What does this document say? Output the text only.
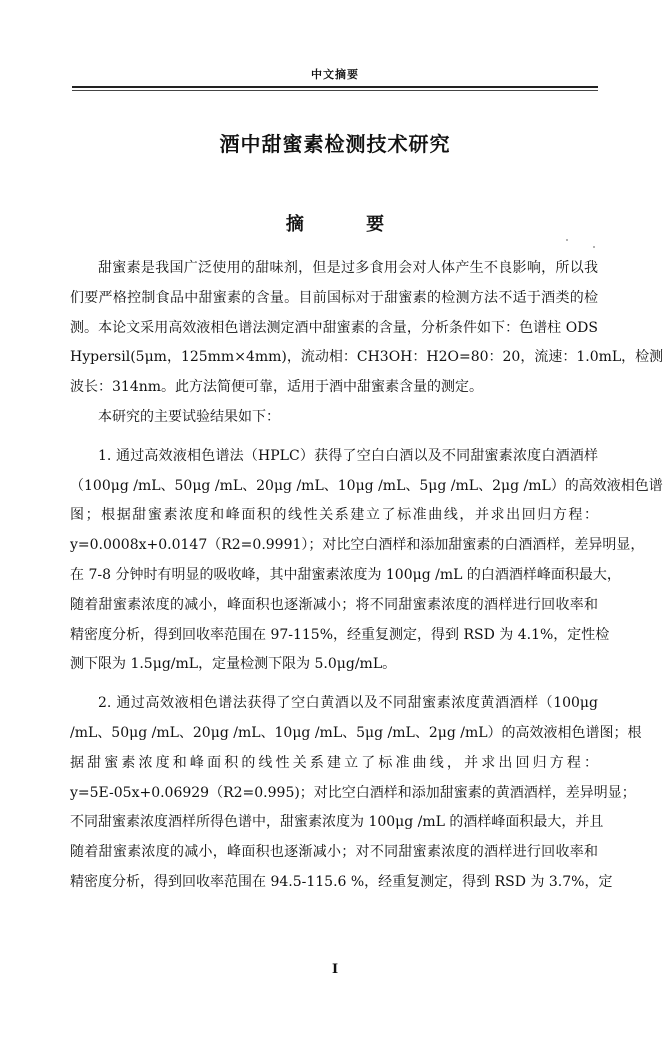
中文摘要
酒中甜蜜素检测技术研究
摘 要
甜蜜素是我国广泛使用的甜味剂，但是过多食用会对人体产生不良影响，所以我
们要严格控制食品中甜蜜素的含量。目前国标对于甜蜜素的检测方法不适于酒类的检
测。本论文采用高效液相色谱法测定酒中甜蜜素的含量，分析条件如下：色谱柱 ODS
Hypersil(5μm，125mm×4mm)，流动相：CH3OH：H2O=80：20，流速：1.0mL，检测
波长：314nm。此方法简便可靠，适用于酒中甜蜜素含量的测定。
本研究的主要试验结果如下：
1. 通过高效液相色谱法（HPLC）获得了空白白酒以及不同甜蜜素浓度白酒酒样
（100μg /mL、50μg /mL、20μg /mL、10μg /mL、5μg /mL、2μg /mL）的高效液相色谱
图；根据甜蜜素浓度和峰面积的线性关系建立了标准曲线，并求出回归方程：
y=0.0008x+0.0147（R2=0.9991）；对比空白酒样和添加甜蜜素的白酒酒样，差异明显，
在 7-8 分钟时有明显的吸收峰，其中甜蜜素浓度为 100μg /mL 的白酒酒样峰面积最大，
随着甜蜜素浓度的减小，峰面积也逐渐减小；将不同甜蜜素浓度的酒样进行回收率和
精密度分析，得到回收率范围在 97-115%，经重复测定，得到 RSD 为 4.1%，定性检
测下限为 1.5μg/mL，定量检测下限为 5.0μg/mL。
2. 通过高效液相色谱法获得了空白黄酒以及不同甜蜜素浓度黄酒酒样（100μg
/mL、50μg /mL、20μg /mL、10μg /mL、5μg /mL、2μg /mL）的高效液相色谱图；根
据甜蜜素浓度和峰面积的线性关系建立了标准曲线，并求出回归方程：
y=5E-05x+0.06929（R2=0.995)；对比空白酒样和添加甜蜜素的黄酒酒样，差异明显；
不同甜蜜素浓度酒样所得色谱中，甜蜜素浓度为 100μg /mL 的酒样峰面积最大，并且
随着甜蜜素浓度的减小，峰面积也逐渐减小；对不同甜蜜素浓度的酒样进行回收率和
精密度分析，得到回收率范围在 94.5-115.6 %，经重复测定，得到 RSD 为 3.7%，定
I
